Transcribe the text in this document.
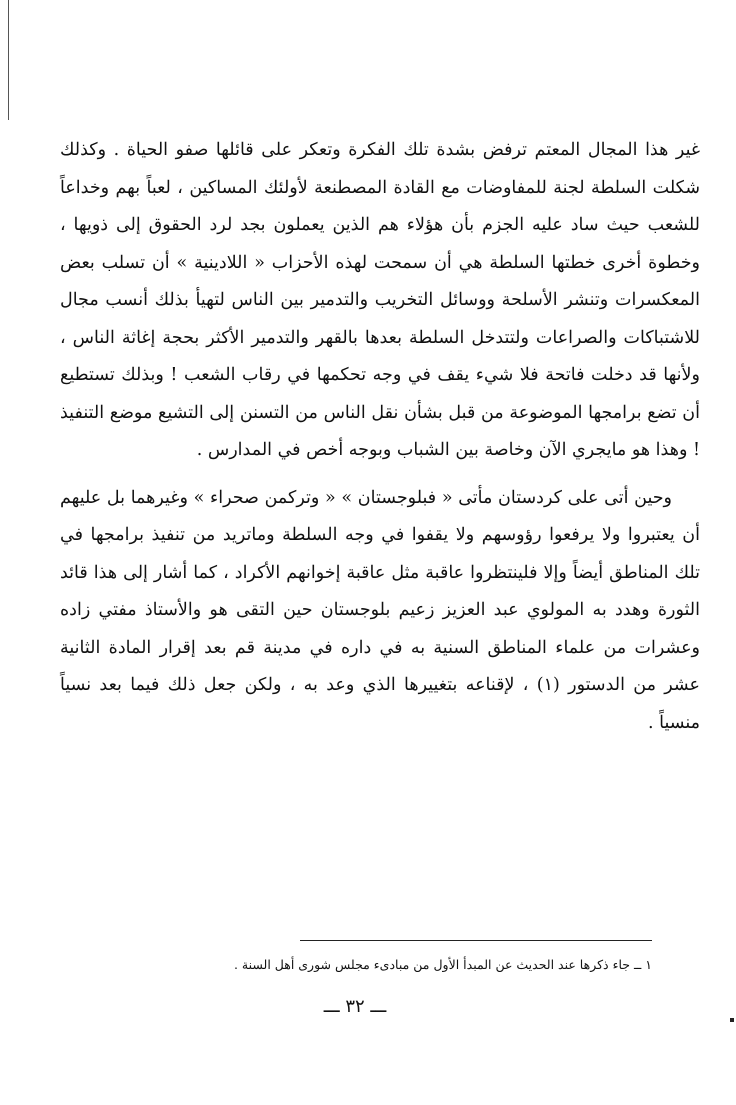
غير هذا المجال المعتم ترفض بشدة تلك الفكرة وتعكر على قائلها صفو الحياة . وكذلك شكلت السلطة لجنة للمفاوضات مع القادة المصطنعة لأولئك المساكين ، لعباً بهم وخداعاً للشعب حيث ساد عليه الجزم بأن هؤلاء هم الذين يعملون بجد لرد الحقوق إلى ذويها ، وخطوة أخرى خطتها السلطة هي أن سمحت لهذه الأحزاب « اللادينية » أن تسلب بعض المعكسرات وتنشر الأسلحة ووسائل التخريب والتدمير بين الناس لتهيأ بذلك أنسب مجال للاشتباكات والصراعات ولتتدخل السلطة بعدها بالقهر والتدمير الأكثر بحجة إغاثة الناس ، ولأنها قد دخلت فاتحة فلا شيء يقف في وجه تحكمها في رقاب الشعب ! وبذلك تستطيع أن تضع برامجها الموضوعة من قبل بشأن نقل الناس من التسنن إلى التشيع موضع التنفيذ ! وهذا هو مايجري الآن وخاصة بين الشباب وبوجه أخص في المدارس .

وحين أتى على كردستان مأتى « فبلوجستان » « وتركمن صحراء » وغيرهما بل عليهم أن يعتبروا ولا يرفعوا رؤوسهم ولا يقفوا في وجه السلطة وماتريد من تنفيذ برامجها في تلك المناطق أيضاً وإلا فلينتظروا عاقبة مثل عاقبة إخوانهم الأكراد ، كما أشار إلى هذا قائد الثورة وهدد به المولوي عبد العزيز زعيم بلوجستان حين التقى هو والأستاذ مفتي زاده وعشرات من علماء المناطق السنية به في داره في مدينة قم بعد إقرار المادة الثانية عشر من الدستور (١) ، لإقناعه بتغييرها الذي وعد به ، ولكن جعل ذلك فيما بعد نسياً منسياً .

١ ــ جاء ذكرها عند الحديث عن المبدأ الأول من مبادىء مجلس شورى أهل السنة .
ـــ ٣٢ ـــ
